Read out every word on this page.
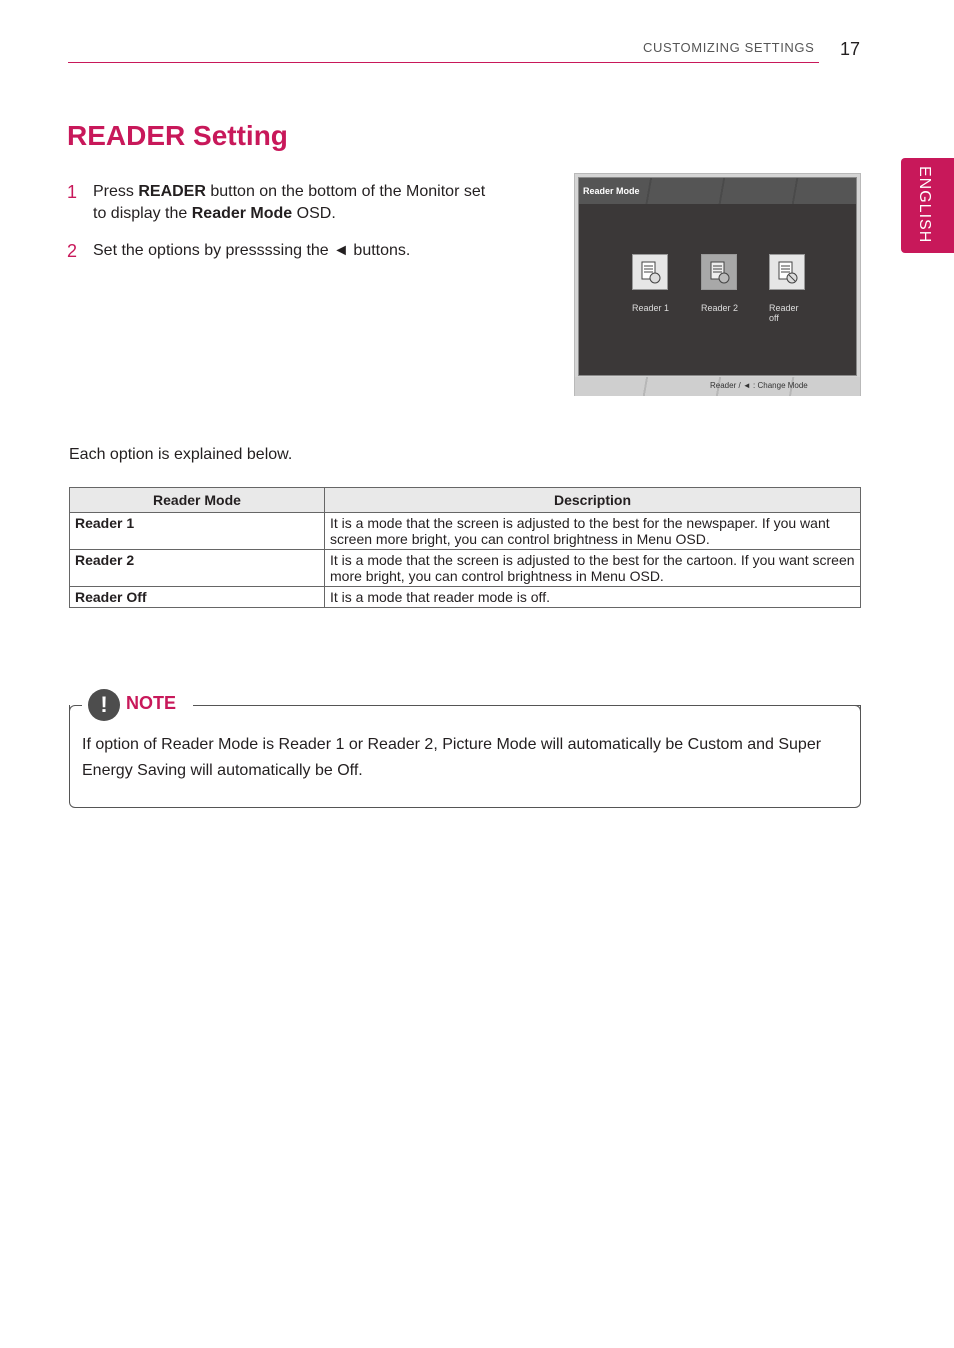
CUSTOMIZING SETTINGS 17
ENGLISH
READER Setting
1 Press READER button on the bottom of the Monitor set to display the Reader Mode OSD.
2 Set the options by pressssing the ◄ buttons.
Reader Mode
Reader 1	Reader 2	Reader off
Reader / ◄ : Change Mode
Each option is explained below.
Reader Mode	Description
Reader 1	It is a mode that the screen is adjusted to the best for the newspaper. If you want screen more bright, you can control brightness in Menu OSD.
Reader 2	It is a mode that the screen is adjusted to the best for the cartoon. If you want screen more bright, you can control brightness in Menu OSD.
Reader Off	It is a mode that reader mode is off.
If option of Reader Mode is Reader 1 or Reader 2, Picture Mode will automatically be Custom and Super Energy Saving will automatically be Off.
!	NOTE
